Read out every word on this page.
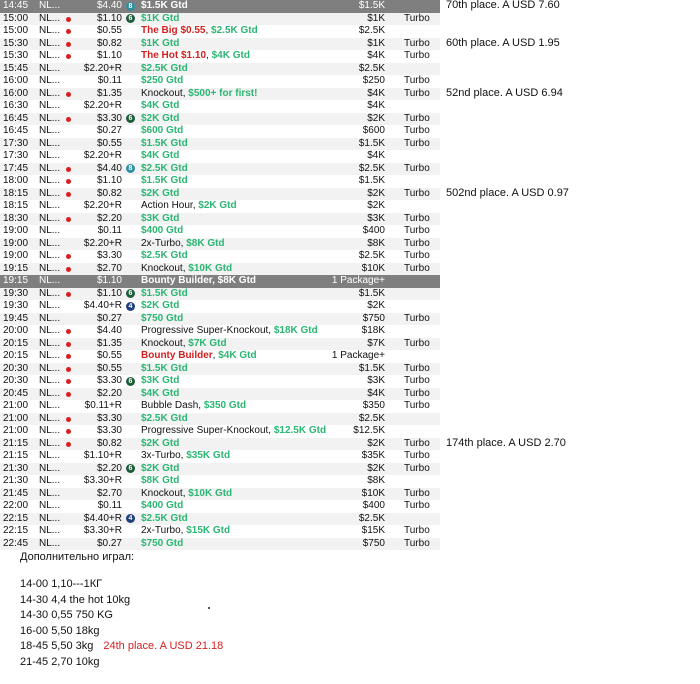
14:45 NL...	$4.40 8 $1.5K Gtd	$1.5K
15:00 NL...	$1.10 6 $1K Gtd	$1K Turbo
15:00 NL...	$0.55 The Big $0.55, $2.5K Gtd	$2.5K
15:30 NL...	$0.82 $1K Gtd	$1K Turbo
15:30 NL...	$1.10 The Hot $1.10, $4K Gtd	$4K Turbo
15:45 NL...	$2.20+R $2.5K Gtd	$2.5K
16:00 NL...	$0.11 $250 Gtd	$250 Turbo
16:00 NL...	$1.35 Knockout, $500+ for first!	$4K Turbo
16:30 NL...	$2.20+R $4K Gtd	$4K
16:45 NL...	$3.30 6 $2K Gtd	$2K Turbo
16:45 NL...	$0.27 $600 Gtd	$600 Turbo
17:30 NL...	$0.55 $1.5K Gtd	$1.5K Turbo
17:30 NL...	$2.20+R $4K Gtd	$4K
17:45 NL...	$4.40 8 $2.5K Gtd	$2.5K Turbo
18:00 NL...	$1.10 $1.5K Gtd	$1.5K
18:15 NL...	$0.82 $2K Gtd	$2K Turbo
18:15 NL...	$2.20+R Action Hour, $2K Gtd	$2K
18:30 NL...	$2.20 $3K Gtd	$3K Turbo
19:00 NL...	$0.11 $400 Gtd	$400 Turbo
19:00 NL...	$2.20+R 2x-Turbo, $8K Gtd	$8K Turbo
19:00 NL...	$3.30 $2.5K Gtd	$2.5K Turbo
19:15 NL...	$2.70 Knockout, $10K Gtd	$10K Turbo
19:15 NL...	$1.10 Bounty Builder, $8K Gtd	1 Package+
19:30 NL...	$1.10 6 $1.5K Gtd	$1.5K
19:30 NL...	$4.40+R 4 $2K Gtd	$2K
19:45 NL...	$0.27 $750 Gtd	$750 Turbo
20:00 NL...	$4.40 Progressive Super-Knockout, $18K Gtd	$18K
20:15 NL...	$1.35 Knockout, $7K Gtd	$7K Turbo
20:15 NL...	$0.55 Bounty Builder, $4K Gtd	1 Package+
20:30 NL...	$0.55 $1.5K Gtd	$1.5K Turbo
20:30 NL...	$3.30 6 $3K Gtd	$3K Turbo
20:45 NL...	$2.20 $4K Gtd	$4K Turbo
21:00 NL...	$0.11+R Bubble Dash, $350 Gtd	$350 Turbo
21:00 NL...	$3.30 $2.5K Gtd	$2.5K
21:00 NL...	$3.30 Progressive Super-Knockout, $12.5K Gtd	$12.5K
21:15 NL...	$0.82 $2K Gtd	$2K Turbo
21:15 NL...	$1.10+R 3x-Turbo, $35K Gtd	$35K Turbo
21:30 NL...	$2.20 6 $2K Gtd	$2K Turbo
21:30 NL...	$3.30+R $8K Gtd	$8K
21:45 NL...	$2.70 Knockout, $10K Gtd	$10K Turbo
22:00 NL...	$0.11 $400 Gtd	$400 Turbo
22:15 NL...	$4.40+R 4 $2.5K Gtd	$2.5K
22:15 NL...	$3.30+R 2x-Turbo, $15K Gtd	$15K Turbo
22:45 NL...	$0.27 $750 Gtd	$750 Turbo
70th place. A USD 7.60
60th place. A USD 1.95
52nd place. A USD 6.94
502nd place. A USD 0.97
174th place. A USD 2.70
Дополнительно играл:
14-00 1,10---1КГ
14-30 4,4 the hot 10kg
14-30 0,55 750 KG
16-00 5,50 18kg
18-45 5,50 3kg 24th place. A USD 21.18
21-45 2,70 10kg
